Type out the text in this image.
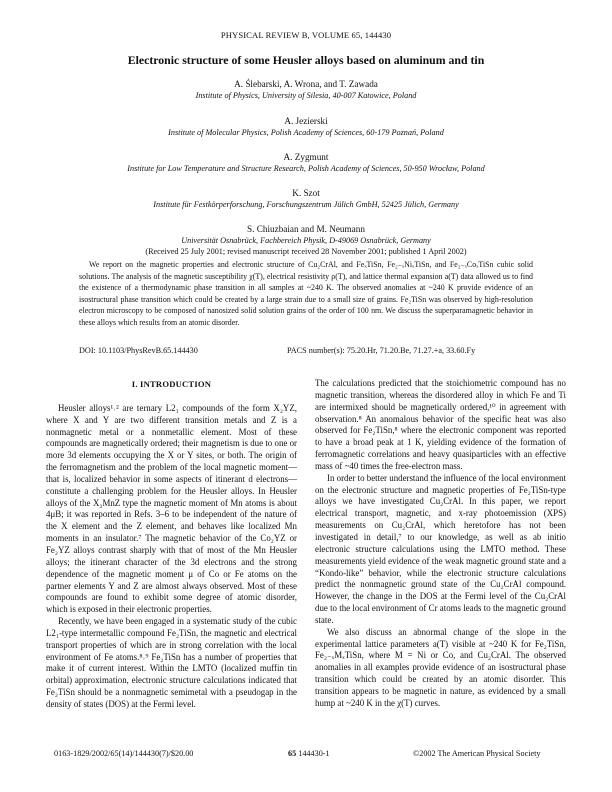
PHYSICAL REVIEW B, VOLUME 65, 144430
Electronic structure of some Heusler alloys based on aluminum and tin
A. Ślebarski, A. Wrona, and T. Zawada
Institute of Physics, University of Silesia, 40-007 Katowice, Poland
A. Jezierski
Institute of Molecular Physics, Polish Academy of Sciences, 60-179 Poznań, Poland
A. Zygmunt
Institute for Low Temperature and Structure Research, Polish Academy of Sciences, 50-950 Wrocław, Poland
K. Szot
Institute für Festkörperforschung, Forschungszentrum Jülich GmbH, 52425 Jülich, Germany
S. Chiuzbaian and M. Neumann
Universität Osnabrück, Fachbereich Physik, D-49069 Osnabrück, Germany
(Received 25 July 2001; revised manuscript received 28 November 2001; published 1 April 2002)
We report on the magnetic properties and electronic structure of Cu₂CrAl, and FeₓTiSn, Fe₂₋ₓNiₓTiSn, and Fe₂₋ₓCoₓTiSn cubic solid solutions. The analysis of the magnetic susceptibility χ(T), electrical resistivity ρ(T), and lattice thermal expansion a(T) data allowed us to find the existence of a thermodynamic phase transition in all samples at ~240 K. The observed anomalies at ~240 K provide evidence of an isostructural phase transition which could be created by a large strain due to a small size of grains. Fe₂TiSn was observed by high-resolution electron microscopy to be composed of nanosized solid solution grains of the order of 100 nm. We discuss the superparamagnetic behavior in these alloys which results from an atomic disorder.
DOI: 10.1103/PhysRevB.65.144430	PACS number(s): 75.20.Hr, 71.20.Be, 71.27.+a, 33.60.Fy
I. INTRODUCTION

Heusler alloys¹˒² are ternary L2₁ compounds of the form X₂YZ, where X and Y are two different transition metals and Z is a nonmagnetic metal or a nonmetallic element. Most of these compounds are magnetically ordered; their magnetism is due to one or more 3d elements occupying the X or Y sites, or both. The origin of the ferromagnetism and the problem of the local magnetic moment—that is, localized behavior in some aspects of itinerant d electrons—constitute a challenging problem for the Heusler alloys. In Heusler alloys of the X₂MnZ type the magnetic moment of Mn atoms is about 4μB; it was reported in Refs. 3–6 to be independent of the nature of the X element and the Z element, and behaves like localized Mn moments in an insulator.⁷ The magnetic behavior of the Co₂YZ or Fe₂YZ alloys contrast sharply with that of most of the Mn Heusler alloys; the itinerant character of the 3d electrons and the strong dependence of the magnetic moment μ of Co or Fe atoms on the partner elements Y and Z are almost always observed. Most of these compounds are found to exhibit some degree of atomic disorder, which is exposed in their electronic properties.

Recently, we have been engaged in a systematic study of the cubic L2₁-type intermetallic compound Fe₂TiSn, the magnetic and electrical transport properties of which are in strong correlation with the local environment of Fe atoms.⁸˒⁹ Fe₂TiSn has a number of properties that make it of current interest. Within the LMTO (localized muffin tin orbital) approximation, electronic structure calculations indicated that Fe₂TiSn should be a nonmagnetic semimetal with a pseudogap in the density of states (DOS) at the Fermi level.

The calculations predicted that the stoichiometric compound has no magnetic transition, whereas the disordered alloy in which Fe and Ti are intermixed should be magnetically ordered,¹⁰ in agreement with observation.⁸ An anomalous behavior of the specific heat was also observed for Fe₂TiSn,⁸ where the electronic component was reported to have a broad peak at 1 K, yielding evidence of the formation of ferromagnetic correlations and heavy quasiparticles with an effective mass of ~40 times the free-electron mass.

In order to better understand the influence of the local environment on the electronic structure and magnetic properties of Fe₂TiSn-type alloys we have investigated Cu₂CrAl. In this paper, we report electrical transport, magnetic, and x-ray photoemission (XPS) measurements on Cu₂CrAl, which heretofore has not been investigated in detail,⁷ to our knowledge, as well as ab initio electronic structure calculations using the LMTO method. These measurements yield evidence of the weak magnetic ground state and a “Kondo-like” behavior, while the electronic structure calculations predict the nonmagnetic ground state of the Cu₂CrAl compound. However, the change in the DOS at the Fermi level of the Cu₂CrAl due to the local environment of Cr atoms leads to the magnetic ground state.

We also discuss an abnormal change of the slope in the experimental lattice parameters a(T) visible at ~240 K for Fe₂TiSn, Fe₂₋ₓMₓTiSn, where M = Ni or Co, and Cu₂CrAl. The observed anomalies in all examples provide evidence of an isostructural phase transition which could be created by an atomic disorder. This transition appears to be magnetic in nature, as evidenced by a small hump at ~240 K in the χ(T) curves.

0163-1829/2002/65(14)/144430(7)/$20.00	65 144430-1	©2002 The American Physical Society
